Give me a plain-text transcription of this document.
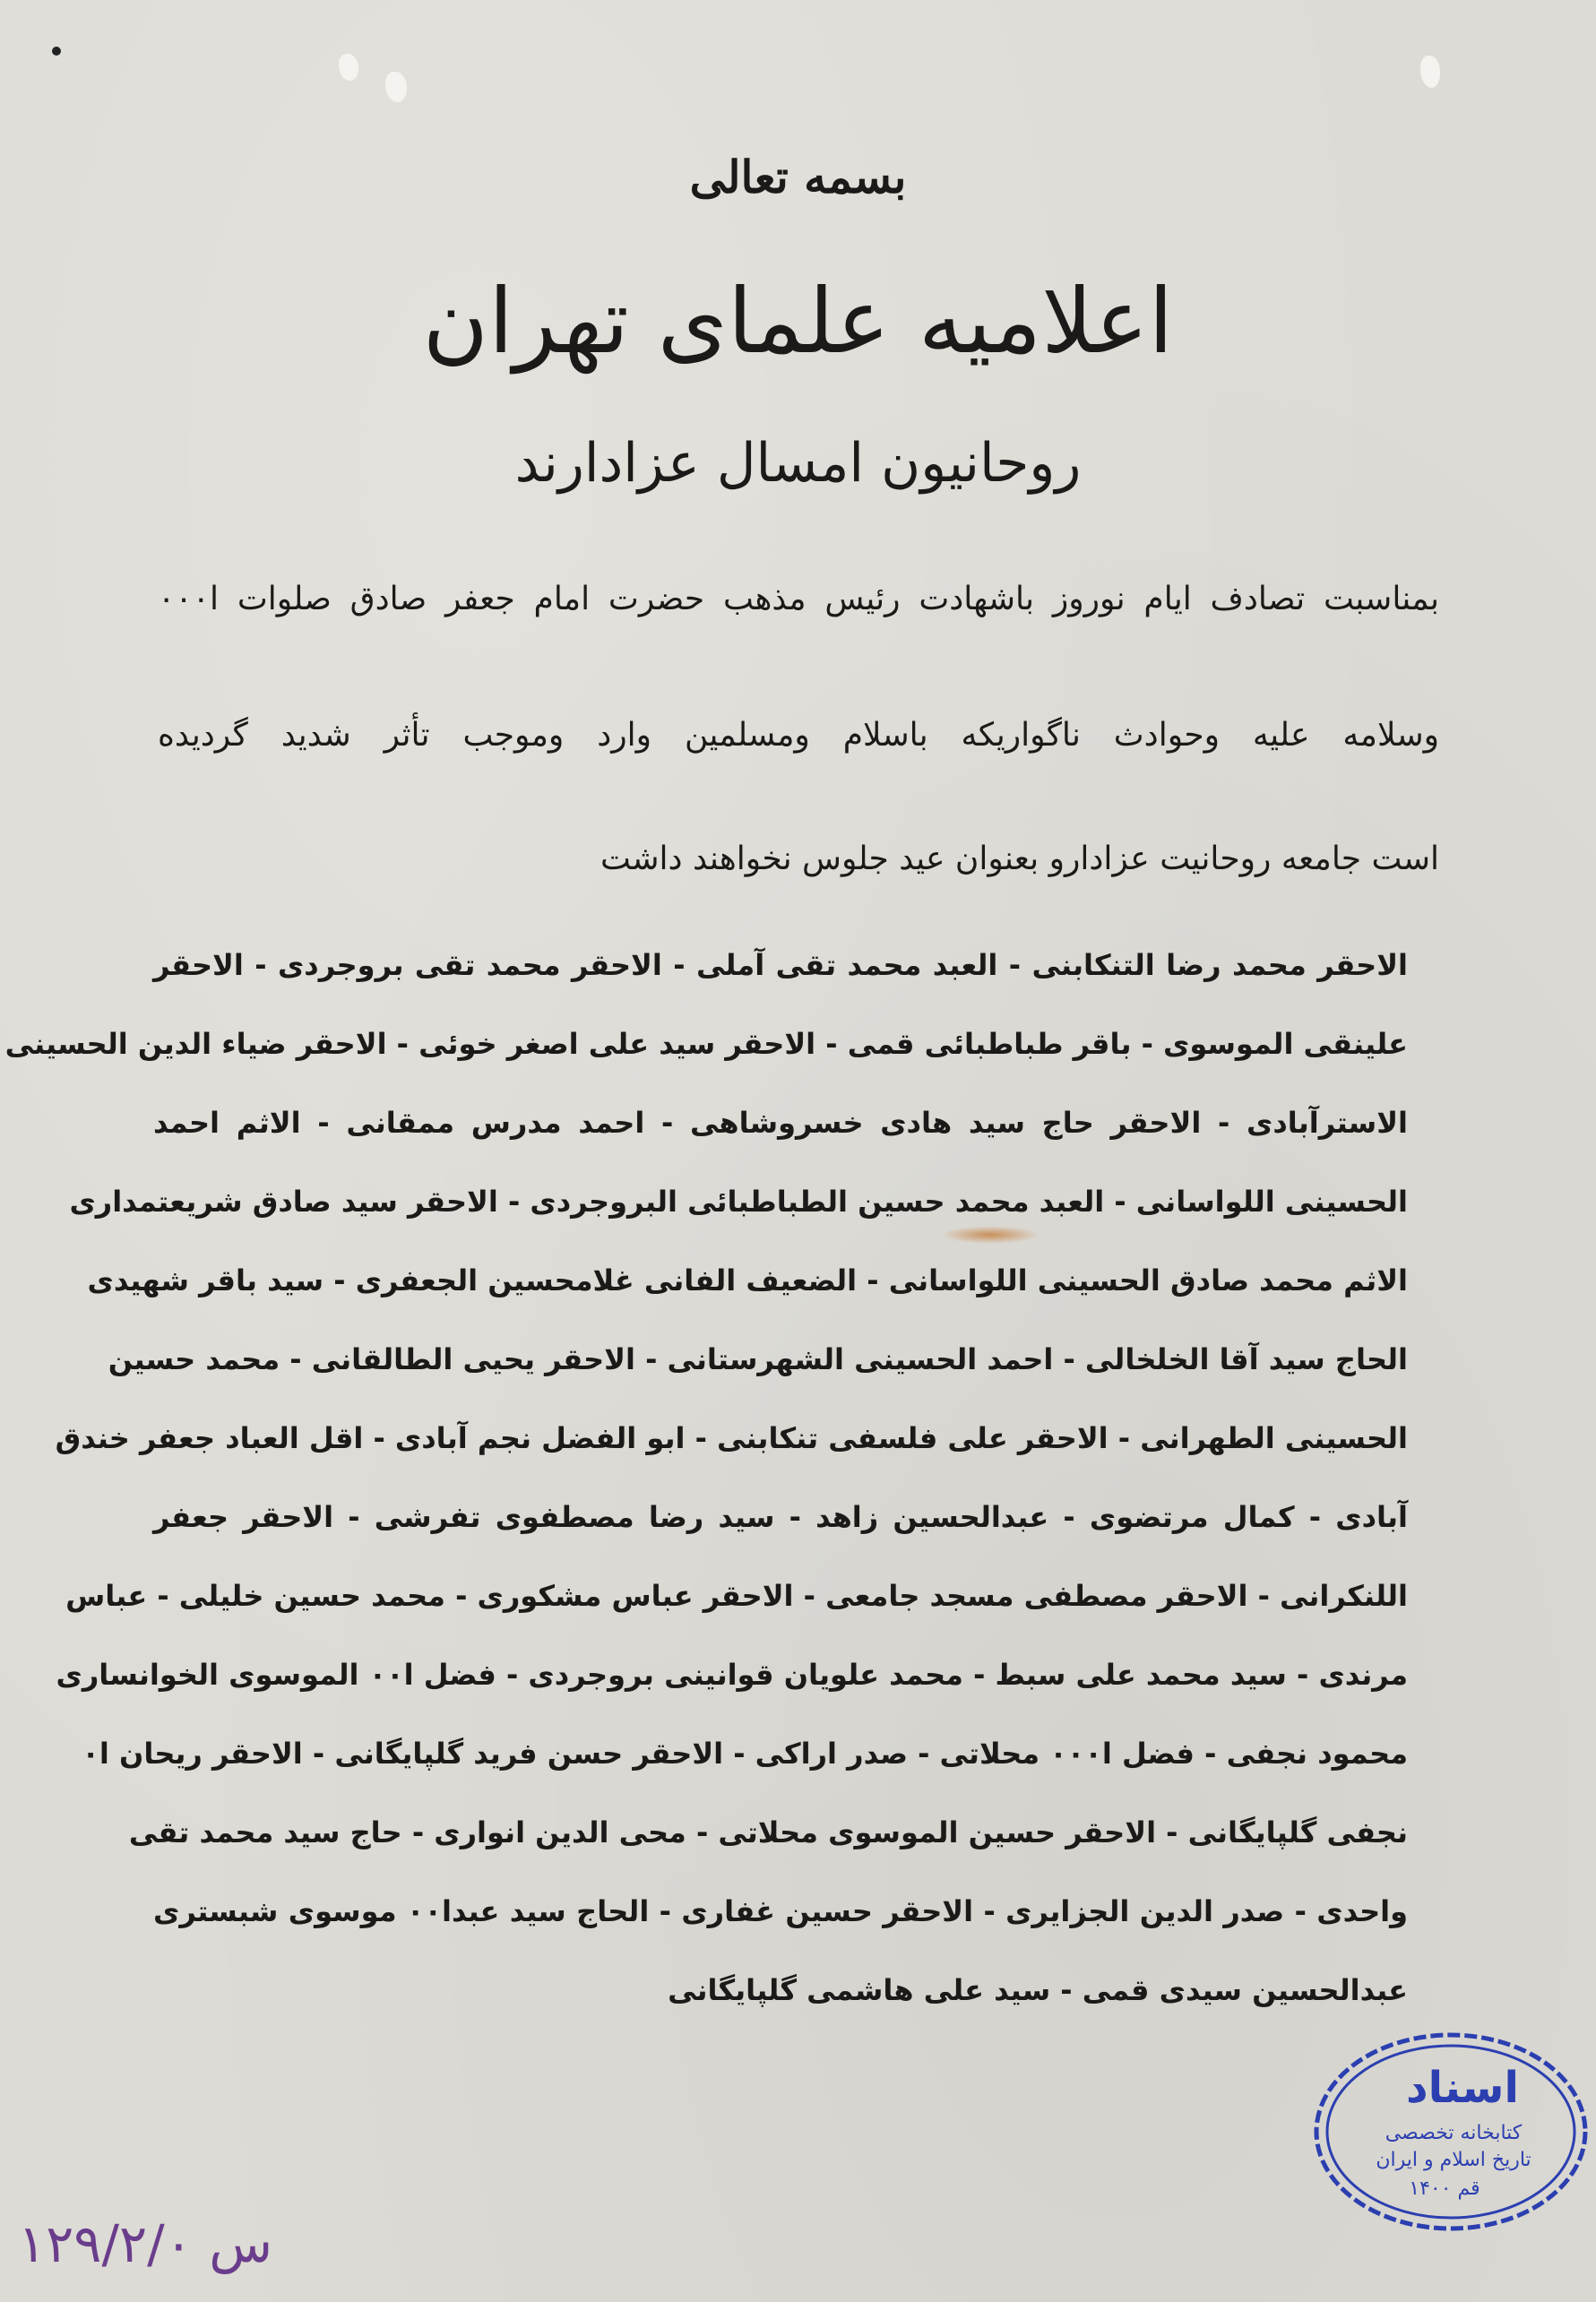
بسمه تعالی
اعلامیه علمای تهران
روحانیون امسال عزادارند
بمناسبت تصادف ایام نوروز باشهادت رئیس مذهب حضرت امام جعفر صادق صلوات ا۰۰۰
وسلامه علیه وحوادث ناگواریکه باسلام ومسلمین وارد وموجب تأثر شدید گردیده
است جامعه روحانیت عزادارو بعنوان عید جلوس نخواهند داشت
الاحقر محمد رضا التنکابنی - العبد محمد تقی آملی - الاحقر محمد تقی بروجردی - الاحقر
علینقی الموسوی - باقر طباطبائی قمی - الاحقر سید علی اصغر خوئی - الاحقر ضیاء الدین الحسینی
الاسترآبادی - الاحقر حاج سید هادی خسروشاهی - احمد مدرس ممقانی - الاثم احمد
الحسینی اللواسانی - العبد محمد حسین الطباطبائی البروجردی - الاحقر سید صادق شریعتمداری
الاثم محمد صادق الحسینی اللواسانی - الضعیف الفانی غلامحسین الجعفری - سید باقر شهیدی
الحاج سید آقا الخلخالی - احمد الحسینی الشهرستانی - الاحقر یحیی الطالقانی - محمد حسین
الحسینی الطهرانی - الاحقر علی فلسفی تنکابنی - ابو الفضل نجم آبادی - اقل العباد جعفر خندق
آبادی - کمال مرتضوی - عبدالحسین زاهد - سید رضا مصطفوی تفرشی - الاحقر جعفر
اللنکرانی - الاحقر مصطفی مسجد جامعی - الاحقر عباس مشکوری - محمد حسین خلیلی - عباس
مرندی - سید محمد علی سبط - محمد علویان قوانینی بروجردی - فضل ا۰۰ الموسوی الخوانساری
محمود نجفی - فضل ا۰۰۰ محلاتی - صدر اراکی - الاحقر حسن فرید گلپایگانی - الاحقر ریحان ا۰
نجفی گلپایگانی - الاحقر حسین الموسوی محلاتی - محی الدین انواری - حاج سید محمد تقی
واحدی - صدر الدین الجزایری - الاحقر حسین غفاری - الحاج سید عبدا۰۰ موسوی شبستری
عبدالحسین سیدی قمی - سید علی هاشمی گلپایگانی
س ۱۲۹/۲/۰
اسناد
کتابخانه تخصصی
تاریخ اسلام و ایران
قم ۱۴۰۰
